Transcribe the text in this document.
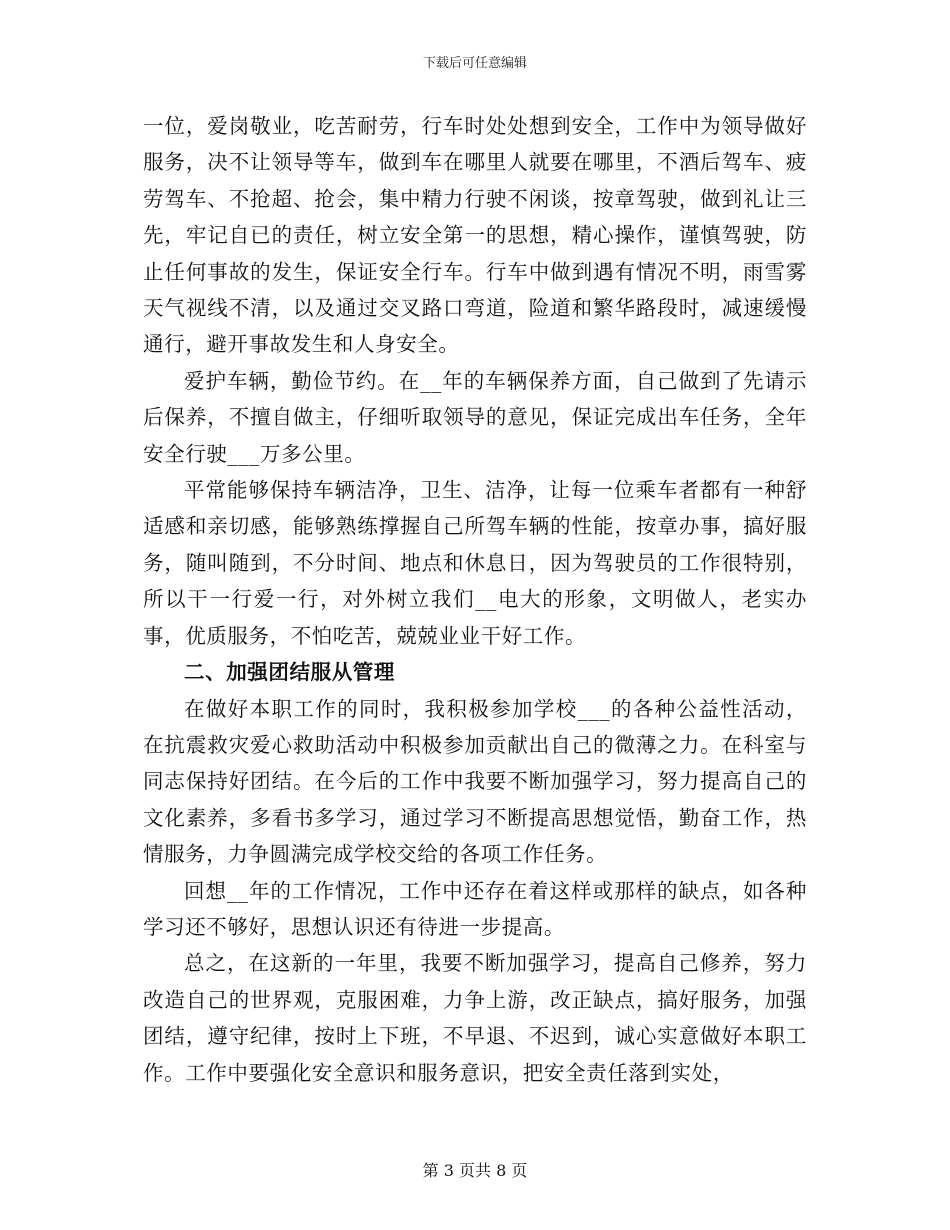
下载后可任意编辑

一位，爱岗敬业，吃苦耐劳，行车时处处想到安全，工作中为领导做好服务，决不让领导等车，做到车在哪里人就要在哪里，不酒后驾车、疲劳驾车、不抢超、抢会，集中精力行驶不闲谈，按章驾驶，做到礼让三先，牢记自已的责任，树立安全第一的思想，精心操作，谨慎驾驶，防止任何事故的发生，保证安全行车。行车中做到遇有情况不明，雨雪雾天气视线不清，以及通过交叉路口弯道，险道和繁华路段时，减速缓慢通行，避开事故发生和人身安全。

爱护车辆，勤俭节约。在__年的车辆保养方面，自己做到了先请示后保养，不擅自做主，仔细听取领导的意见，保证完成出车任务，全年安全行驶___万多公里。

平常能够保持车辆洁净，卫生、洁净，让每一位乘车者都有一种舒适感和亲切感，能够熟练撑握自己所驾车辆的性能，按章办事，搞好服务，随叫随到，不分时间、地点和休息日，因为驾驶员的工作很特别，所以干一行爱一行，对外树立我们__电大的形象，文明做人，老实办事，优质服务，不怕吃苦，兢兢业业干好工作。

二、加强团结服从管理

在做好本职工作的同时，我积极参加学校___的各种公益性活动，在抗震救灾爱心救助活动中积极参加贡献出自己的微薄之力。在科室与同志保持好团结。在今后的工作中我要不断加强学习，努力提高自己的文化素养，多看书多学习，通过学习不断提高思想觉悟，勤奋工作，热情服务，力争圆满完成学校交给的各项工作任务。

回想__年的工作情况，工作中还存在着这样或那样的缺点，如各种学习还不够好，思想认识还有待进一步提高。

总之，在这新的一年里，我要不断加强学习，提高自己修养，努力改造自己的世界观，克服困难，力争上游，改正缺点，搞好服务，加强团结，遵守纪律，按时上下班，不早退、不迟到，诚心实意做好本职工作。工作中要强化安全意识和服务意识，把安全责任落到实处，

第 3 页共 8 页
